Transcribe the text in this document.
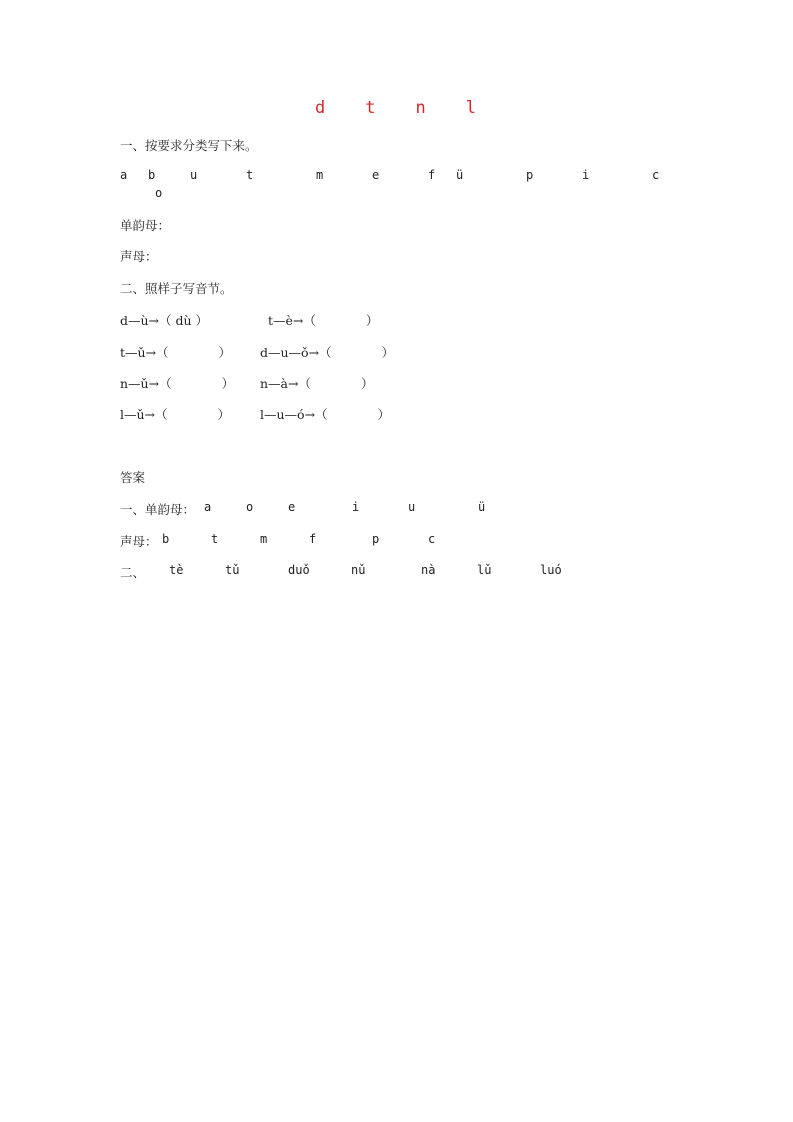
d t n l
一、按要求分类写下来。
a b	u	t	m	e	f ü	p	i	c
o
单韵母：
声母：
二、照样子写音节。
d—ù→（ dù ）	t—è→（　　　　）
t—ǔ→（　　　　） d—u—ǒ→（　　　　）
n—ǔ→（　　　　） n—à→（　　　　）
l—ǔ→（　　　　） l—u—ó→（　　　　）
答案
一、单韵母： a	o	e	i	u	ü
声母： b	t	m	f	p	c
二、 tè	tǔ	duǒ	nǔ	nà	lǔ	luó
